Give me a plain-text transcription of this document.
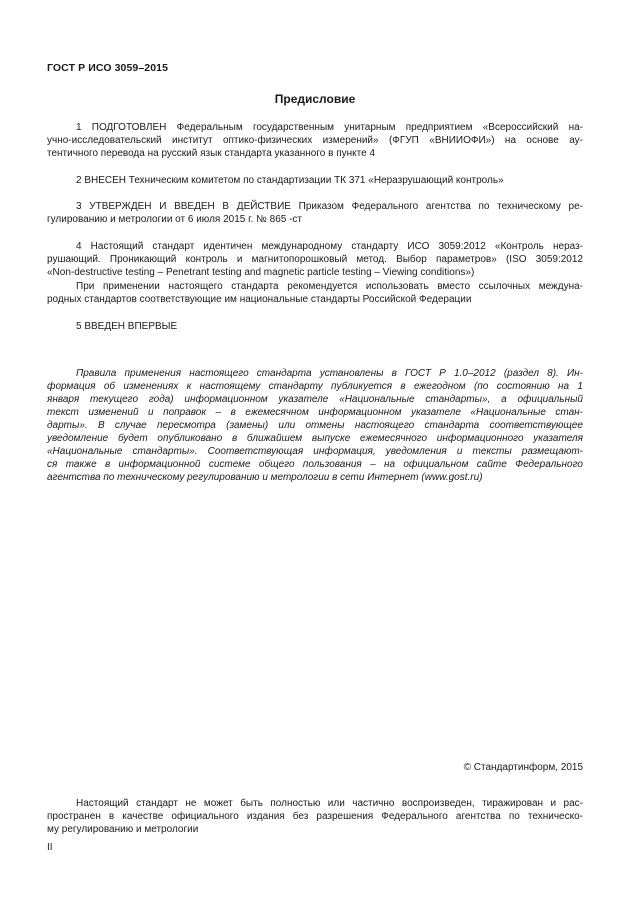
ГОСТ Р ИСО 3059–2015
Предисловие
1 ПОДГОТОВЛЕН Федеральным государственным унитарным предприятием «Всероссийский на-
учно-исследовательский институт оптико-физических измерений» (ФГУП «ВНИИОФИ») на основе ау-
тентичного перевода на русский язык стандарта указанного в пункте 4
2 ВНЕСЕН Техническим комитетом по стандартизации ТК 371 «Неразрушающий контроль»
3 УТВЕРЖДЕН И ВВЕДЕН В ДЕЙСТВИЕ Приказом Федерального агентства по техническому ре-
гулированию и метрологии от 6 июля 2015 г. № 865 -ст
4 Настоящий стандарт идентичен международному стандарту ИСО 3059:2012 «Контроль нераз-
рушающий. Проникающий контроль и магнитопорошковый метод. Выбор параметров» (ISO 3059:2012
«Non-destructive testing – Penetrant testing and magnetic particle testing – Viewing conditions»)
При применении настоящего стандарта рекомендуется использовать вместо ссылочных междуна-
родных стандартов соответствующие им национальные стандарты Российской Федерации
5 ВВЕДЕН ВПЕРВЫЕ
Правила применения настоящего стандарта установлены в ГОСТ Р 1.0–2012 (раздел 8). Ин-
формация об изменениях к настоящему стандарту публикуется в ежегодном (по состоянию на 1
января текущего года) информационном указателе «Национальные стандарты», а официальный
текст изменений и поправок – в ежемесячном информационном указателе «Национальные стан-
дарты». В случае пересмотра (замены) или отмены настоящего стандарта соответствующее
уведомление будет опубликовано в ближайшем выпуске ежемесячного информационного указателя
«Национальные стандарты». Соответствующая информация, уведомления и тексты размещают-
ся также в информационной системе общего пользования – на официальном сайте Федерального
агентства по техническому регулированию и метрологии в сети Интернет (www.gost.ru)
© Стандартинформ, 2015
Настоящий стандарт не может быть полностью или частично воспроизведен, тиражирован и рас-
пространен в качестве официального издания без разрешения Федерального агентства по техническо-
му регулированию и метрологии
II
